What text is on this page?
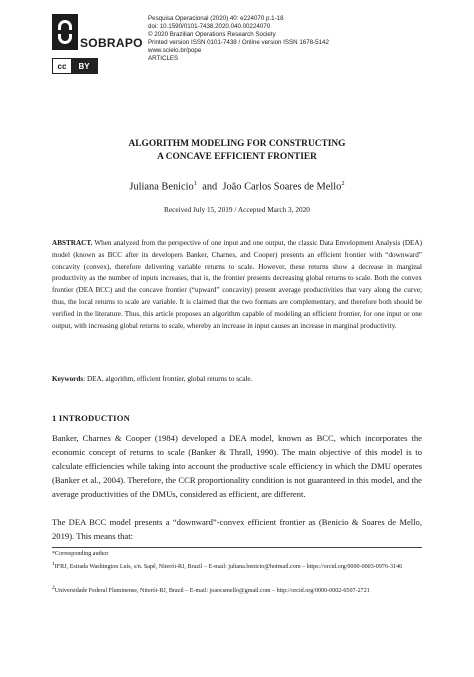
SOBRAPO
cc	BY
Pesquisa Operacional (2020) 40: e224070 p.1-18
doi: 10.1590/0101-7438.2020.040.00224070
© 2020 Brazilian Operations Research Society
Printed version ISSN 0101-7438 / Online version ISSN 1678-5142
www.scielo.br/pope
ARTICLES
ALGORITHM MODELING FOR CONSTRUCTING
A CONCAVE EFFICIENT FRONTIER
Juliana Benicio$^1$ and João Carlos Soares de Mello$^2$
Received July 15, 2019 / Accepted March 3, 2020
ABSTRACT. When analyzed from the perspective of one input and one output, the classic Data Envelopment Analysis (DEA) model (known as BCC after its developers Banker, Charnes, and Cooper) presents an efficient frontier with “downward” concavity (convex), therefore delivering variable returns to scale. However, these returns show a decrease in marginal productivity as the number of inputs increases, that is, the frontier presents decreasing global returns to scale. Both the convex frontier (DEA BCC) and the concave frontier (“upward” concavity) present average productivities that vary along the curve; thus, the local returns to scale are variable. It is claimed that the two formats are complementary, and therefore both should be verified in the literature. Thus, this article proposes an algorithm capable of modeling an efficient frontier, for one input or one output, with increasing global returns to scale, whereby an increase in input causes an increase in marginal productivity.
Keywords: DEA, algorithm, efficient frontier, global returns to scale.
1 INTRODUCTION
Banker, Charnes & Cooper (1984) developed a DEA model, known as BCC, which incorporates the economic concept of returns to scale (Banker & Thrall, 1990). The main objective of this model is to calculate efficiencies while taking into account the productive scale efficiency in which the DMU operates (Banker et al., 2004). Therefore, the CCR proportionality condition is not guaranteed in this model, and the average productivities of the DMUs, considered as efficient, are different.
The DEA BCC model presents a “downward”-convex efficient frontier as (Benicio & Soares de Mello, 2019). This means that:
*Corresponding author
$^1$IFRJ, Estrada Washington Luís, s/n. Sapê, Niterói-RJ, Brazil – E-mail: juliana.benicio@hotmail.com – https://orcid.org/0000-0003-0976-3146
$^2$Universidade Federal Fluminense, Niterói-RJ, Brazil – E-mail: joaocsmello@gmail.com – http://orcid.org/0000-0002-6507-2721
